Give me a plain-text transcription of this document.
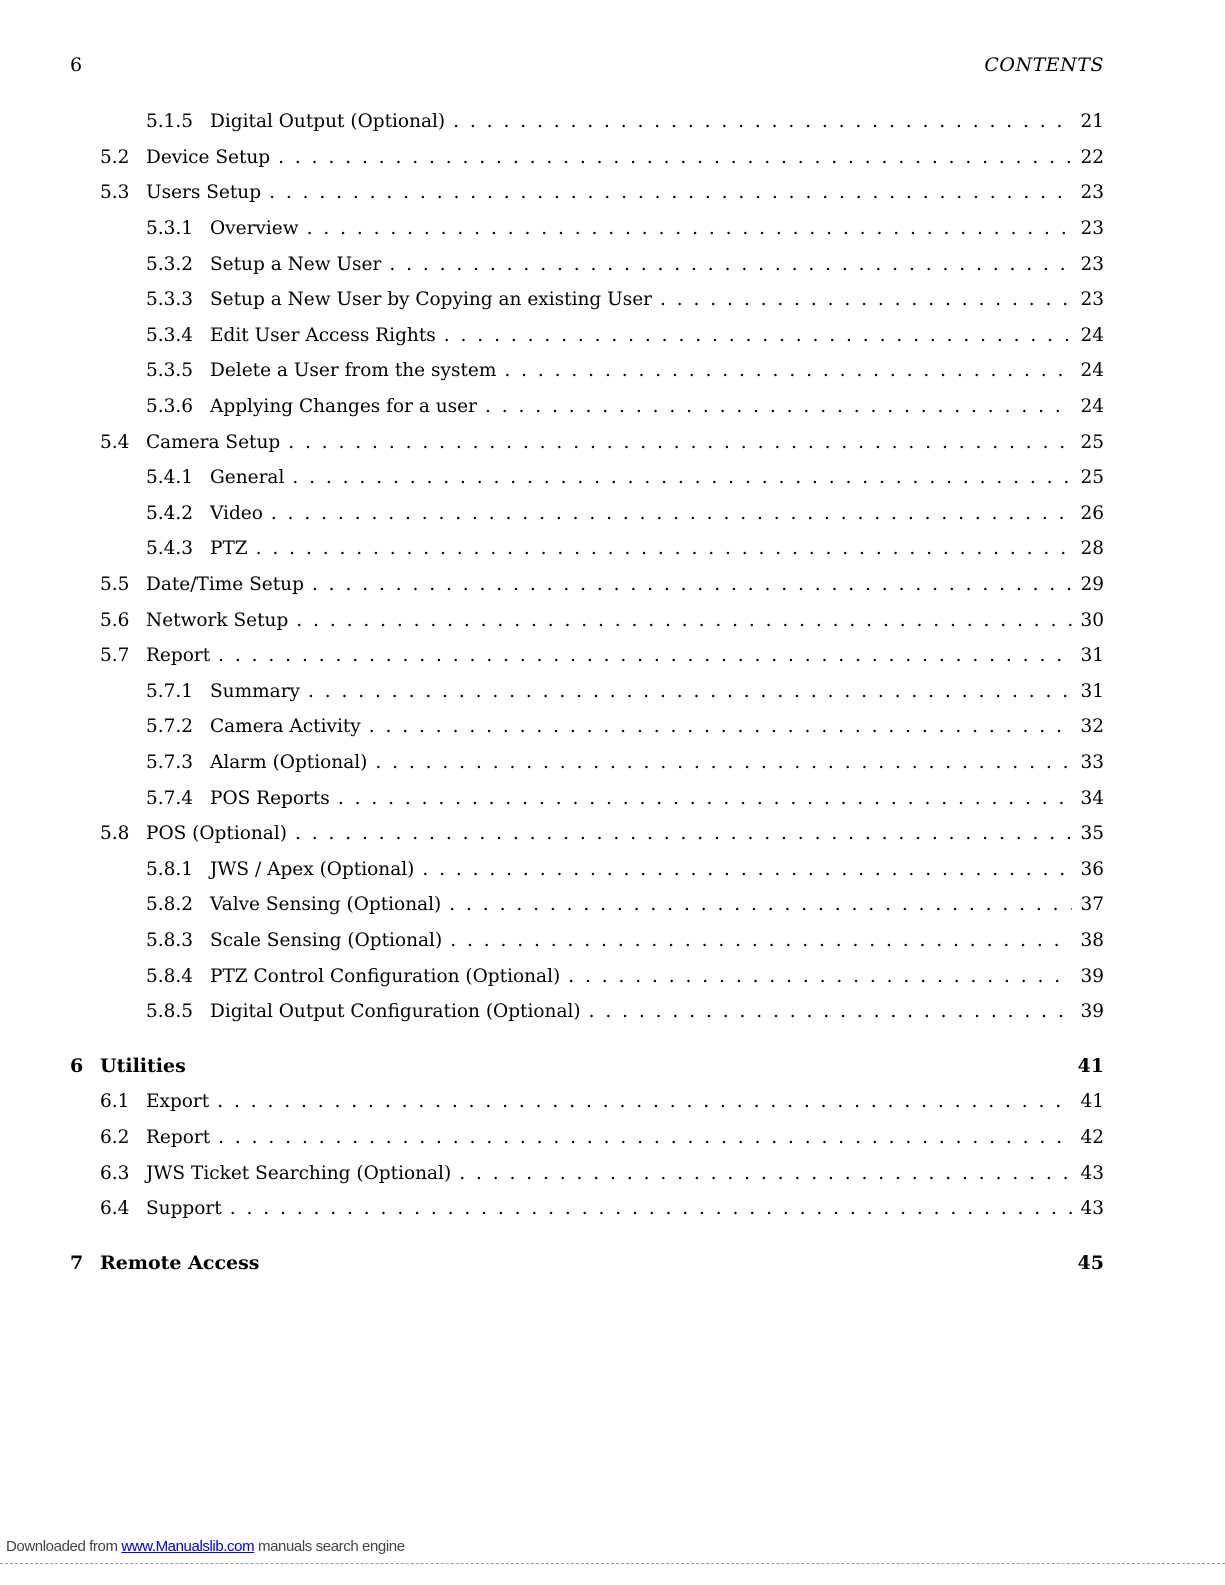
6	CONTENTS
5.1.5 Digital Output (Optional) . . .	21
5.2 Device Setup . . .	22
5.3 Users Setup . . .	23
5.3.1 Overview . . .	23
5.3.2 Setup a New User . . .	23
5.3.3 Setup a New User by Copying an existing User . . .	23
5.3.4 Edit User Access Rights . . .	24
5.3.5 Delete a User from the system . . .	24
5.3.6 Applying Changes for a user . . .	24
5.4 Camera Setup . . .	25
5.4.1 General . . .	25
5.4.2 Video . . .	26
5.4.3 PTZ . . .	28
5.5 Date/Time Setup . . .	29
5.6 Network Setup . . .	30
5.7 Report . . .	31
5.7.1 Summary . . .	31
5.7.2 Camera Activity . . .	32
5.7.3 Alarm (Optional) . . .	33
5.7.4 POS Reports . . .	34
5.8 POS (Optional) . . .	35
5.8.1 JWS / Apex (Optional) . . .	36
5.8.2 Valve Sensing (Optional) . . .	37
5.8.3 Scale Sensing (Optional) . . .	38
5.8.4 PTZ Control Configuration (Optional) . . .	39
5.8.5 Digital Output Configuration (Optional) . . .	39
6 Utilities	41
6.1 Export . . .	41
6.2 Report . . .	42
6.3 JWS Ticket Searching (Optional) . . .	43
6.4 Support . . .	43
7 Remote Access	45
Downloaded from www.Manualslib.com manuals search engine
